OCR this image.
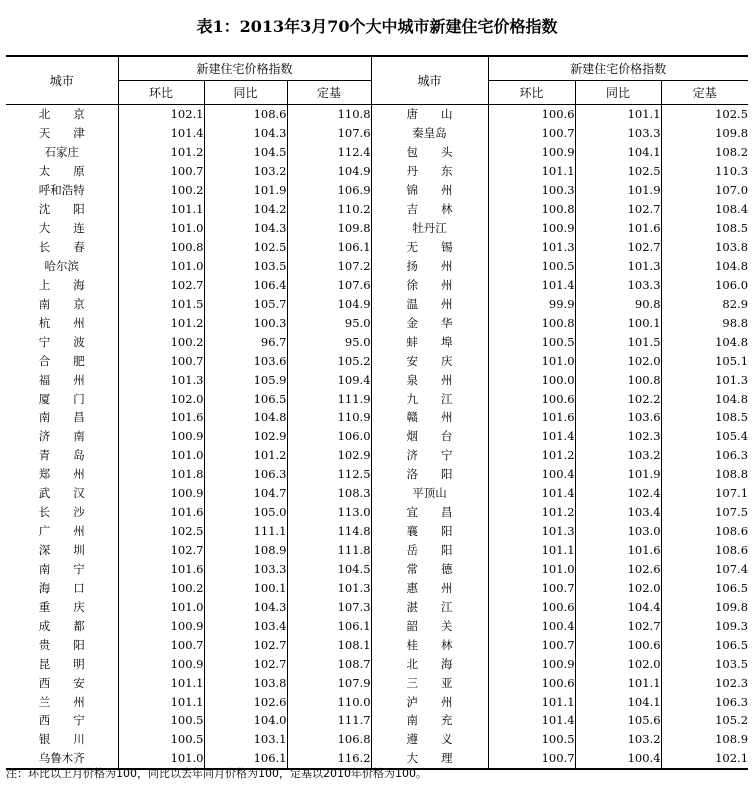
表1：2013年3月70个大中城市新建住宅价格指数
城市	新建住宅价格指数			城市	新建住宅价格指数		
	环比	同比	定基		环比	同比	定基
北　　京	102.1	108.6	110.8	唐　　山	100.6	101.1	102.5
天　　津	101.4	104.3	107.6	秦皇岛	100.7	103.3	109.8
石家庄	101.2	104.5	112.4	包　　头	100.9	104.1	108.2
太　　原	100.7	103.2	104.9	丹　　东	101.1	102.5	110.3
呼和浩特	100.2	101.9	106.9	锦　　州	100.3	101.9	107.0
沈　　阳	101.1	104.2	110.2	吉　　林	100.8	102.7	108.4
大　　连	101.0	104.3	109.8	牡丹江	100.9	101.6	108.5
长　　春	100.8	102.5	106.1	无　　锡	101.3	102.7	103.8
哈尔滨	101.0	103.5	107.2	扬　　州	100.5	101.3	104.8
上　　海	102.7	106.4	107.6	徐　　州	101.4	103.3	106.0
南　　京	101.5	105.7	104.9	温　　州	99.9	90.8	82.9
杭　　州	101.2	100.3	95.0	金　　华	100.8	100.1	98.8
宁　　波	100.2	96.7	95.0	蚌　　埠	100.5	101.5	104.8
合　　肥	100.7	103.6	105.2	安　　庆	101.0	102.0	105.1
福　　州	101.3	105.9	109.4	泉　　州	100.0	100.8	101.3
厦　　门	102.0	106.5	111.9	九　　江	100.6	102.2	104.8
南　　昌	101.6	104.8	110.9	赣　　州	101.6	103.6	108.5
济　　南	100.9	102.9	106.0	烟　　台	101.4	102.3	105.4
青　　岛	101.0	101.2	102.9	济　　宁	101.2	103.2	106.3
郑　　州	101.8	106.3	112.5	洛　　阳	100.4	101.9	108.8
武　　汉	100.9	104.7	108.3	平顶山	101.4	102.4	107.1
长　　沙	101.6	105.0	113.0	宜　　昌	101.2	103.4	107.5
广　　州	102.5	111.1	114.8	襄　　阳	101.3	103.0	108.6
深　　圳	102.7	108.9	111.8	岳　　阳	101.1	101.6	108.6
南　　宁	101.6	103.3	104.5	常　　德	101.0	102.6	107.4
海　　口	100.2	100.1	101.3	惠　　州	100.7	102.0	106.5
重　　庆	101.0	104.3	107.3	湛　　江	100.6	104.4	109.8
成　　都	100.9	103.4	106.1	韶　　关	100.4	102.7	109.3
贵　　阳	100.7	102.7	108.1	桂　　林	100.7	100.6	106.5
昆　　明	100.9	102.7	108.7	北　　海	100.9	102.0	103.5
西　　安	101.1	103.8	107.9	三　　亚	100.6	101.1	102.3
兰　　州	101.1	102.6	110.0	泸　　州	101.1	104.1	106.3
西　　宁	100.5	104.0	111.7	南　　充	101.4	105.6	105.2
银　　川	100.5	103.1	106.8	遵　　义	100.5	103.2	108.9
乌鲁木齐	101.0	106.1	116.2	大　　理	100.7	100.4	102.1
注：环比以上月价格为100，同比以去年同月价格为100，定基以2010年价格为100。
